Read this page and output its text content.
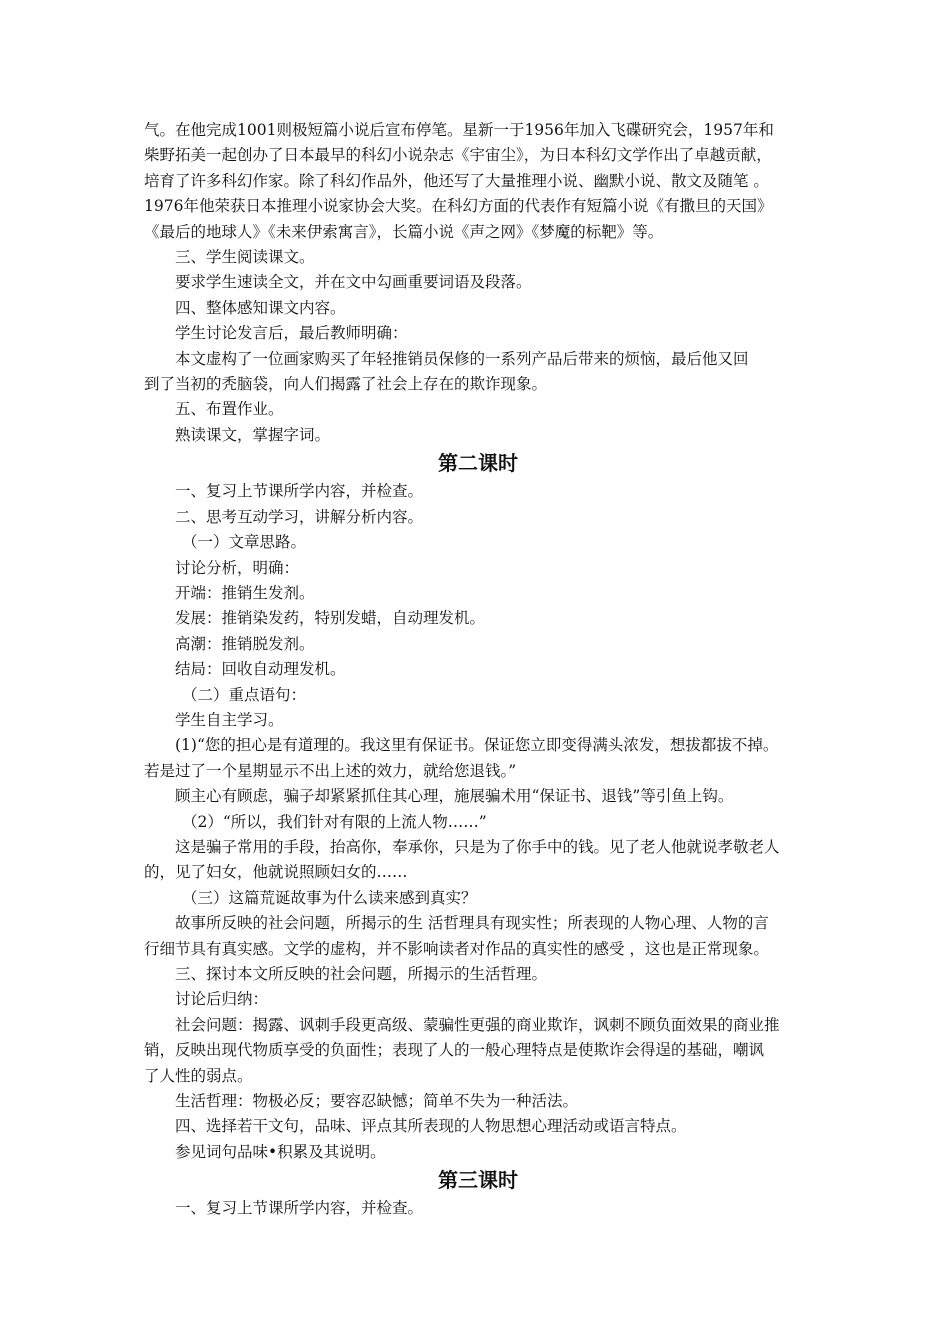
气。在他完成1001则极短篇小说后宣布停笔。星新一于1956年加入飞碟研究会，1957年和

柴野拓美一起创办了日本最早的科幻小说杂志《宇宙尘》，为日本科幻文学作出了卓越贡献，

培育了许多科幻作家。除了科幻作品外，他还写了大量推理小说、幽默小说、散文及随笔 。

1976年他荣获日本推理小说家协会大奖。在科幻方面的代表作有短篇小说《有撒旦的天国》

《最后的地球人》《未来伊索寓言》，长篇小说《声之网》《梦魔的标靶》等。

三、学生阅读课文。

要求学生速读全文，并在文中勾画重要词语及段落。

四、整体感知课文内容。

学生讨论发言后，最后教师明确：

本文虚构了一位画家购买了年轻推销员保修的一系列产品后带来的烦恼，最后他又回

到了当初的秃脑袋，向人们揭露了社会上存在的欺诈现象。

五、布置作业。

熟读课文，掌握字词。

第二课时

一、复习上节课所学内容，并检查。

二、思考互动学习，讲解分析内容。

（一）文章思路。

讨论分析，明确：

开端：推销生发剂。

发展：推销染发药，特别发蜡，自动理发机。

高潮：推销脱发剂。

结局：回收自动理发机。

（二）重点语句：

学生自主学习。

(1)“您的担心是有道理的。我这里有保证书。保证您立即变得满头浓发，想拔都拔不掉。

若是过了一个星期显示不出上述的效力，就给您退钱。”

顾主心有顾虑，骗子却紧紧抓住其心理，施展骗术用“保证书、退钱”等引鱼上钩。

（2）“所以，我们针对有限的上流人物……”

这是骗子常用的手段，抬高你，奉承你，只是为了你手中的钱。见了老人他就说孝敬老人

的，见了妇女，他就说照顾妇女的……

（三）这篇荒诞故事为什么读来感到真实？

故事所反映的社会问题，所揭示的生 活哲理具有现实性；所表现的人物心理、人物的言

行细节具有真实感。文学的虚构，并不影响读者对作品的真实性的感受 ，这也是正常现象。

三、探讨本文所反映的社会问题，所揭示的生活哲理。

讨论后归纳：

社会问题：揭露、讽刺手段更高级、蒙骗性更强的商业欺诈，讽刺不顾负面效果的商业推

销，反映出现代物质享受的负面性；表现了人的一般心理特点是使欺诈会得逞的基础，嘲讽

了人性的弱点。

生活哲理：物极必反；要容忍缺憾；简单不失为一种活法。

四、选择若干文句，品味、评点其所表现的人物思想心理活动或语言特点。

参见词句品味•积累及其说明。

第三课时

一、复习上节课所学内容，并检查。
